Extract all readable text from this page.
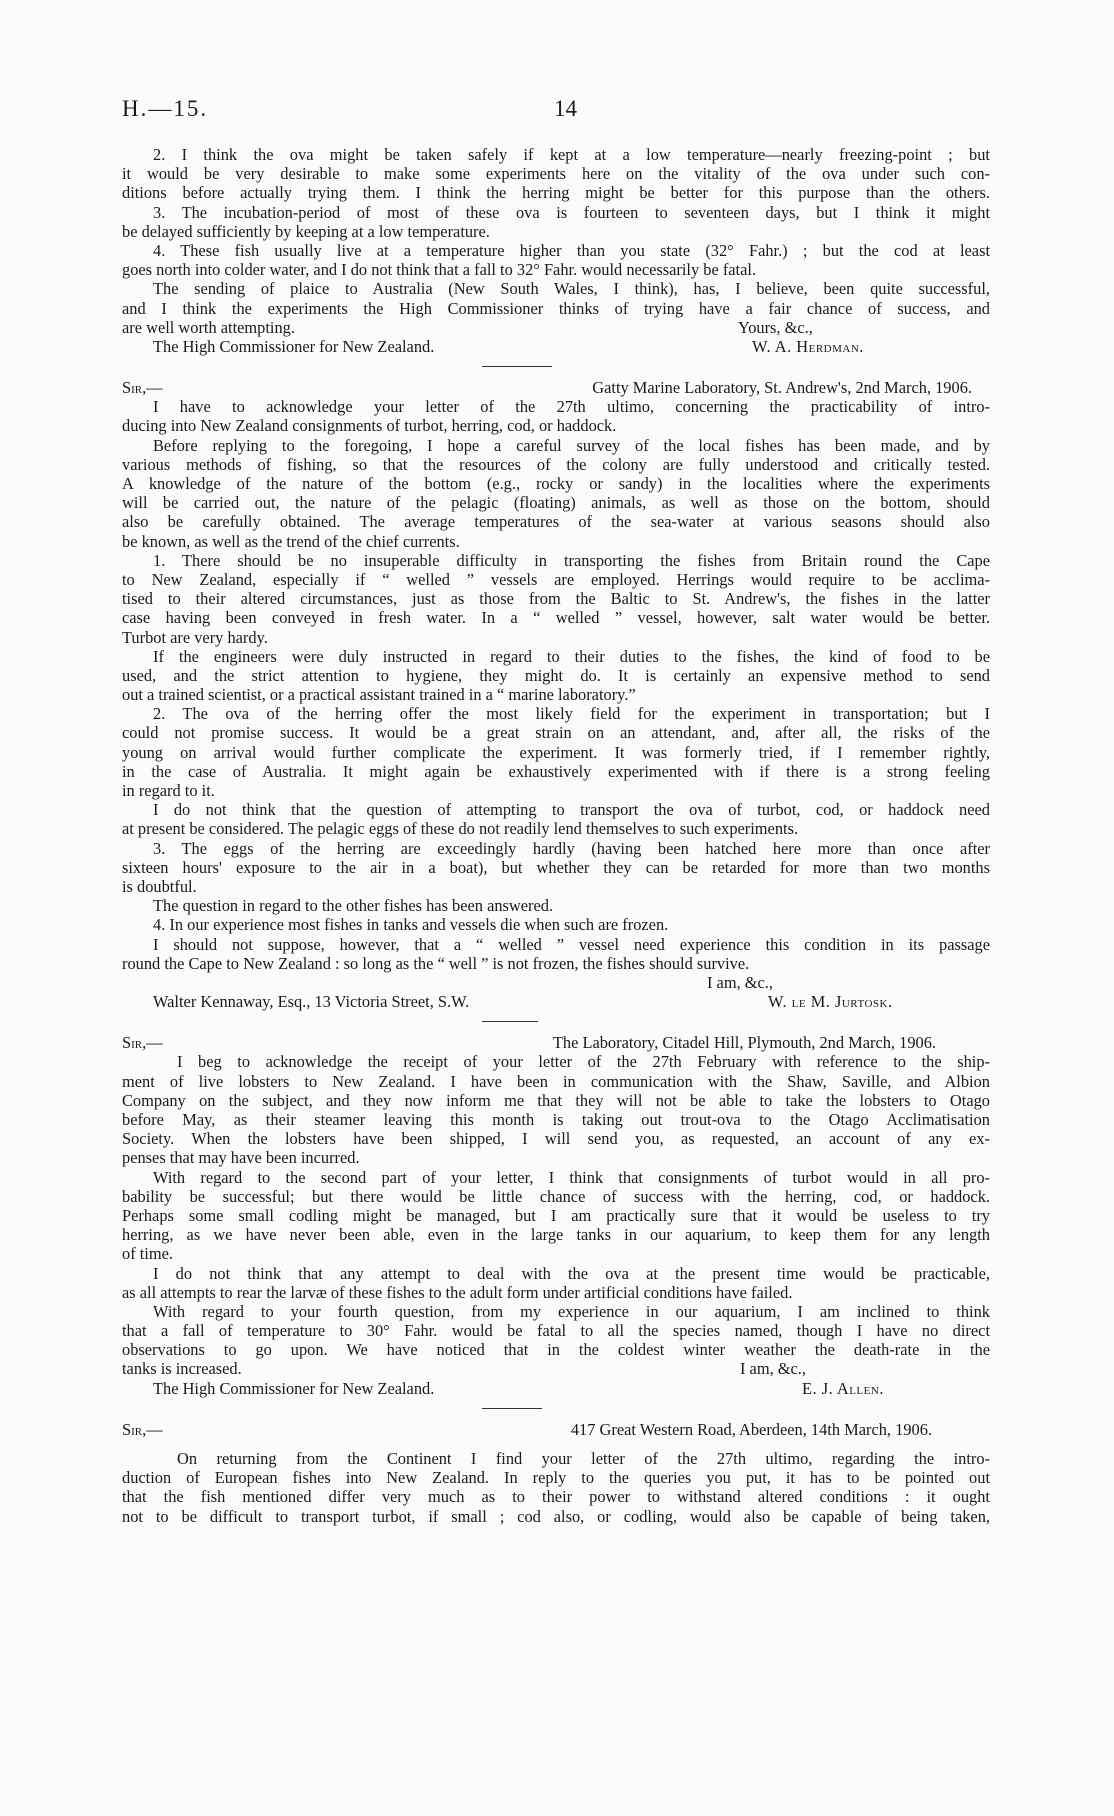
H.—15.	14
2. I think the ova might be taken safely if kept at a low temperature—nearly freezing-point ; but
it would be very desirable to make some experiments here on the vitality of the ova under such con-
ditions before actually trying them. I think the herring might be better for this purpose than the others.
3. The incubation-period of most of these ova is fourteen to seventeen days, but I think it might
be delayed sufficiently by keeping at a low temperature.
4. These fish usually live at a temperature higher than you state (32° Fahr.) ; but the cod at least
goes north into colder water, and I do not think that a fall to 32° Fahr. would necessarily be fatal.
The sending of plaice to Australia (New South Wales, I think), has, I believe, been quite successful,
and I think the experiments the High Commissioner thinks of trying have a fair chance of success, and
are well worth attempting.	Yours, &c.,
The High Commissioner for New Zealand.	W. A. Herdman.
Sir,—	Gatty Marine Laboratory, St. Andrew's, 2nd March, 1906.
I have to acknowledge your letter of the 27th ultimo, concerning the practicability of intro-
ducing into New Zealand consignments of turbot, herring, cod, or haddock.
Before replying to the foregoing, I hope a careful survey of the local fishes has been made, and by
various methods of fishing, so that the resources of the colony are fully understood and critically tested.
A knowledge of the nature of the bottom (e.g., rocky or sandy) in the localities where the experiments
will be carried out, the nature of the pelagic (floating) animals, as well as those on the bottom, should
also be carefully obtained. The average temperatures of the sea-water at various seasons should also
be known, as well as the trend of the chief currents.
1. There should be no insuperable difficulty in transporting the fishes from Britain round the Cape
to New Zealand, especially if “ welled ” vessels are employed. Herrings would require to be acclima-
tised to their altered circumstances, just as those from the Baltic to St. Andrew's, the fishes in the latter
case having been conveyed in fresh water. In a “ welled ” vessel, however, salt water would be better.
Turbot are very hardy.
If the engineers were duly instructed in regard to their duties to the fishes, the kind of food to be
used, and the strict attention to hygiene, they might do. It is certainly an expensive method to send
out a trained scientist, or a practical assistant trained in a “ marine laboratory.”
2. The ova of the herring offer the most likely field for the experiment in transportation; but I
could not promise success. It would be a great strain on an attendant, and, after all, the risks of the
young on arrival would further complicate the experiment. It was formerly tried, if I remember rightly,
in the case of Australia. It might again be exhaustively experimented with if there is a strong feeling
in regard to it.
I do not think that the question of attempting to transport the ova of turbot, cod, or haddock need
at present be considered. The pelagic eggs of these do not readily lend themselves to such experiments.
3. The eggs of the herring are exceedingly hardly (having been hatched here more than once after
sixteen hours' exposure to the air in a boat), but whether they can be retarded for more than two months
is doubtful.
The question in regard to the other fishes has been answered.
4. In our experience most fishes in tanks and vessels die when such are frozen.
I should not suppose, however, that a “ welled ” vessel need experience this condition in its passage
round the Cape to New Zealand : so long as the “ well ” is not frozen, the fishes should survive.
I am, &c.,
Walter Kennaway, Esq., 13 Victoria Street, S.W.	W. le M. Jurtosk.
Sir,—	The Laboratory, Citadel Hill, Plymouth, 2nd March, 1906.
I beg to acknowledge the receipt of your letter of the 27th February with reference to the ship-
ment of live lobsters to New Zealand. I have been in communication with the Shaw, Saville, and Albion
Company on the subject, and they now inform me that they will not be able to take the lobsters to Otago
before May, as their steamer leaving this month is taking out trout-ova to the Otago Acclimatisation
Society. When the lobsters have been shipped, I will send you, as requested, an account of any ex-
penses that may have been incurred.
With regard to the second part of your letter, I think that consignments of turbot would in all pro-
bability be successful; but there would be little chance of success with the herring, cod, or haddock.
Perhaps some small codling might be managed, but I am practically sure that it would be useless to try
herring, as we have never been able, even in the large tanks in our aquarium, to keep them for any length
of time.
I do not think that any attempt to deal with the ova at the present time would be practicable,
as all attempts to rear the larvæ of these fishes to the adult form under artificial conditions have failed.
With regard to your fourth question, from my experience in our aquarium, I am inclined to think
that a fall of temperature to 30° Fahr. would be fatal to all the species named, though I have no direct
observations to go upon. We have noticed that in the coldest winter weather the death-rate in the
tanks is increased.	I am, &c.,
The High Commissioner for New Zealand.	E. J. Allen.
Sir,—	417 Great Western Road, Aberdeen, 14th March, 1906.
On returning from the Continent I find your letter of the 27th ultimo, regarding the intro-
duction of European fishes into New Zealand. In reply to the queries you put, it has to be pointed out
that the fish mentioned differ very much as to their power to withstand altered conditions : it ought
not to be difficult to transport turbot, if small ; cod also, or codling, would also be capable of being taken,
